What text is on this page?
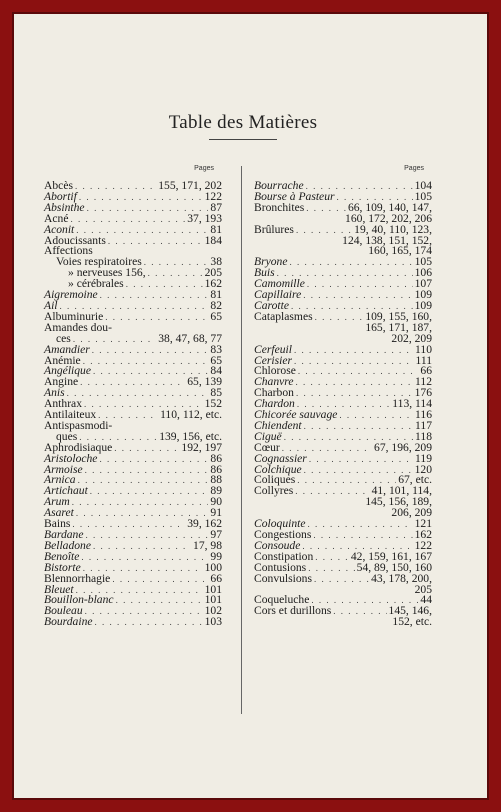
Table des Matières
Pages
Abcès . . .	155, 171, 202
Abortif . . .	122
Absinthe . . .	87
Acné . . .	37, 193
Aconit . . .	81
Adoucissants . . .	184
Affections
Voies respiratoires . . .	38
» nerveuses 156, . . .	205
» cérébrales . . .	162
Aigremoine . . .	81
Ail . . .	82
Albuminurie . . .	65
Amandes dou-
ces . . .	38, 47, 68, 77
Amandier . . .	83
Anémie . . .	65
Angélique . . .	84
Angine . . .	65, 139
Anis . . .	85
Anthrax . . .	152
Antilaiteux . . .	110, 112, etc.
Antispasmodi-
ques . . .	139, 156, etc.
Aphrodisiaque . . .	192, 197
Aristoloche . . .	86
Armoise . . .	86
Arnica . . .	88
Artichaut . . .	89
Arum . . .	90
Asaret . . .	91
Bains . . .	39, 162
Bardane . . .	97
Belladone . . .	17, 98
Benoîte . . .	99
Bistorte . . .	100
Blennorrhagie . . .	66
Bleuet . . .	101
Bouillon-blanc . . .	101
Bouleau . . .	102
Bourdaine . . .	103
Pages
Bourrache . . .	104
Bourse à Pasteur . . .	105
Bronchites . . .	66, 109, 140, 147,
160, 172, 202, 206
Brûlures . . .	19, 40, 110, 123,
124, 138, 151, 152,
160, 165, 174
Bryone . . .	105
Buis . . .	106
Camomille . . .	107
Capillaire . . .	109
Carotte . . .	109
Cataplasmes . . .	109, 155, 160,
165, 171, 187,
202, 209
Cerfeuil . . .	110
Cerisier . . .	111
Chlorose . . .	66
Chanvre . . .	112
Charbon . . .	176
Chardon . . .	113, 114
Chicorée sauvage . . .	116
Chiendent . . .	117
Ciguë . . .	118
Cœur . . .	67, 196, 209
Cognassier . . .	119
Colchique . . .	120
Coliques . . .	67, etc.
Collyres . . .	41, 101, 114,
145, 156, 189,
206, 209
Coloquinte . . .	121
Congestions . . .	162
Consoude . . .	122
Constipation . . .	42, 159, 161, 167
Contusions . . .	54, 89, 150, 160
Convulsions . . .	43, 178, 200,
205
Coqueluche . . .	44
Cors et durillons . . .	145, 146,
152, etc.
